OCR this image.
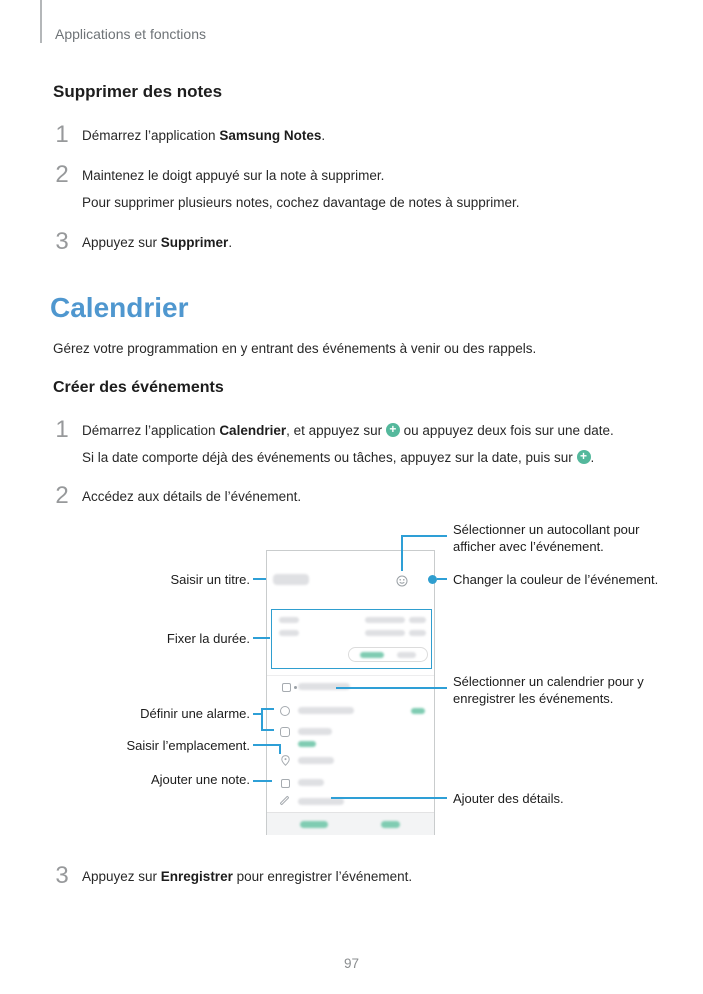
Applications et fonctions
Supprimer des notes
1 Démarrez l’application Samsung Notes.
2 Maintenez le doigt appuyé sur la note à supprimer.
Pour supprimer plusieurs notes, cochez davantage de notes à supprimer.
3 Appuyez sur Supprimer.
Calendrier
Gérez votre programmation en y entrant des événements à venir ou des rappels.
Créer des événements
1 Démarrez l’application Calendrier, et appuyez sur + ou appuyez deux fois sur une date.
Si la date comporte déjà des événements ou tâches, appuyez sur la date, puis sur +.
2 Accédez aux détails de l’événement.
Saisir un titre.
Fixer la durée.
Définir une alarme.
Saisir l’emplacement.
Ajouter une note.
Sélectionner un autocollant pour afficher avec l’événement.
Changer la couleur de l’événement.
Sélectionner un calendrier pour y enregistrer les événements.
Ajouter des détails.
3 Appuyez sur Enregistrer pour enregistrer l’événement.
97
